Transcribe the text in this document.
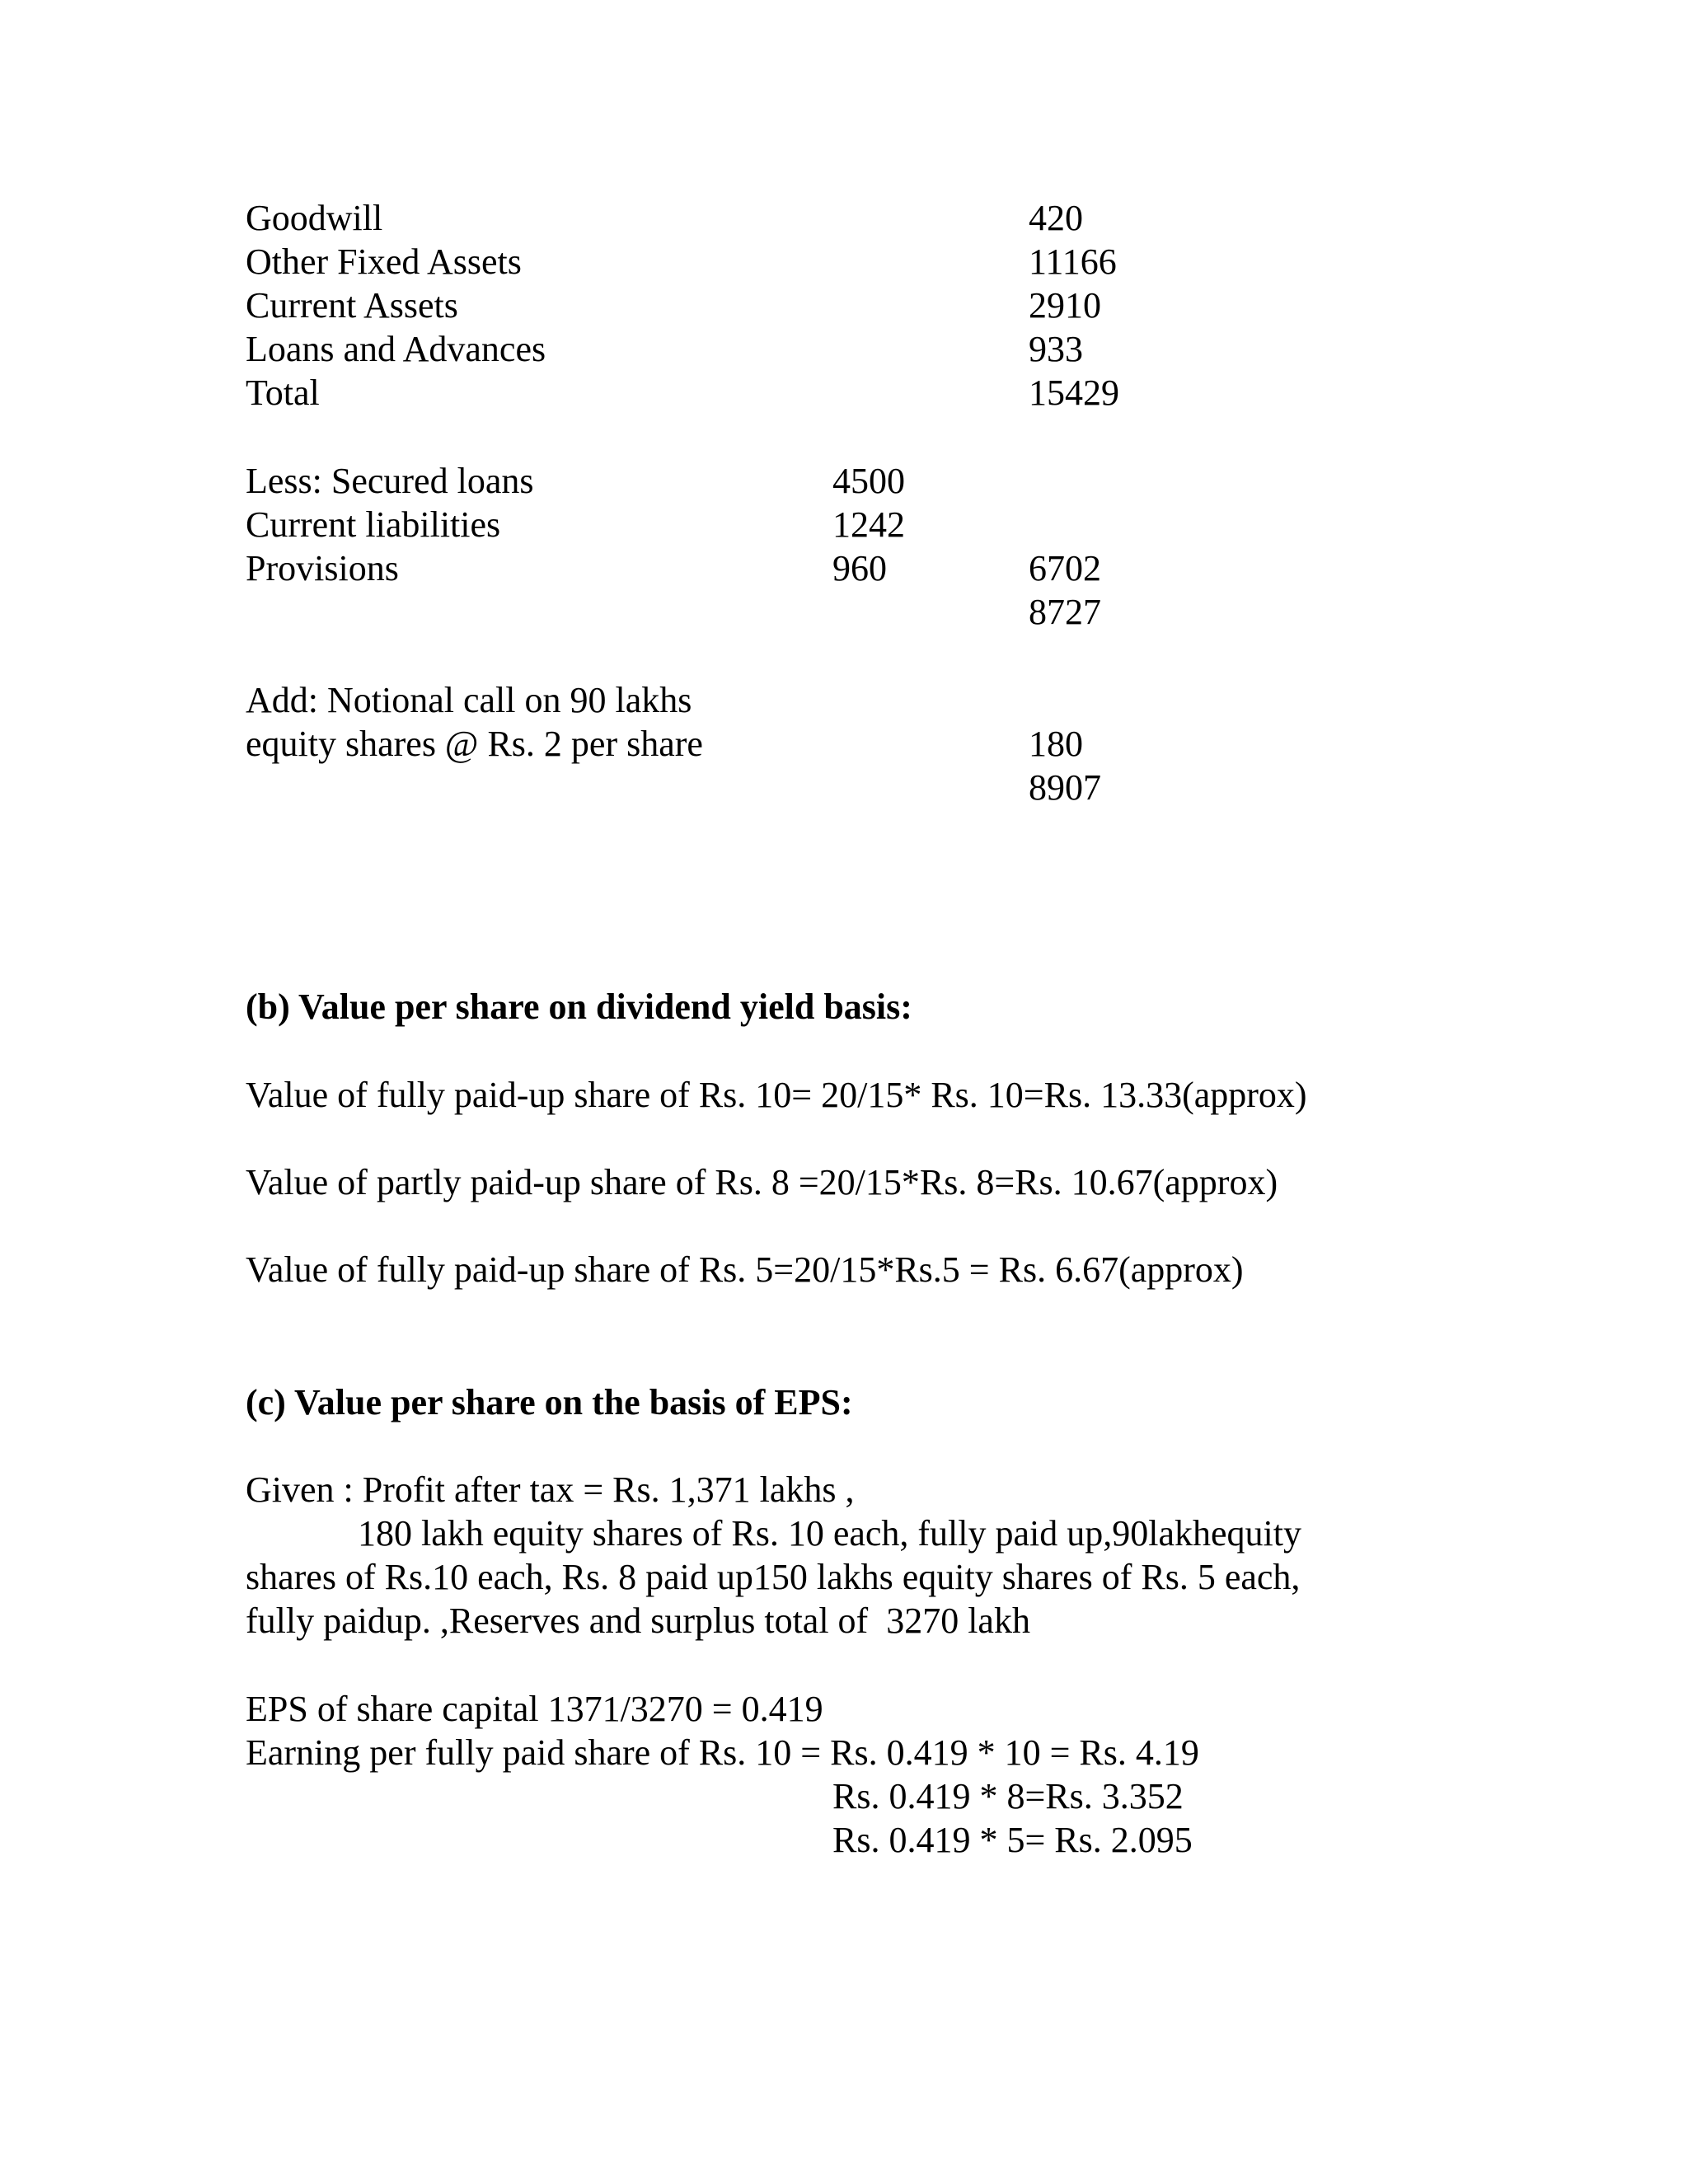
Goodwill	420
Other Fixed Assets	11166
Current Assets	2910
Loans and Advances	933
Total	15429
Less: Secured loans	4500
Current liabilities	1242
Provisions	960	6702
8727
Add: Notional call on 90 lakhs
equity shares @ Rs. 2 per share	180
8907
(b) Value per share on dividend yield basis:
Value of fully paid-up share of Rs. 10= 20/15* Rs. 10=Rs. 13.33(approx)
Value of partly paid-up share of Rs. 8 =20/15*Rs. 8=Rs. 10.67(approx)
Value of fully paid-up share of Rs. 5=20/15*Rs.5 = Rs. 6.67(approx)
(c) Value per share on the basis of EPS:
Given : Profit after tax = Rs. 1,371 lakhs ,
180 lakh equity shares of Rs. 10 each, fully paid up,90lakhequity
shares of Rs.10 each, Rs. 8 paid up150 lakhs equity shares of Rs. 5 each,
fully paidup. ,Reserves and surplus total of  3270 lakh
EPS of share capital 1371/3270 = 0.419
Earning per fully paid share of Rs. 10 = Rs. 0.419 * 10 = Rs. 4.19
Rs. 0.419 * 8=Rs. 3.352
Rs. 0.419 * 5= Rs. 2.095
